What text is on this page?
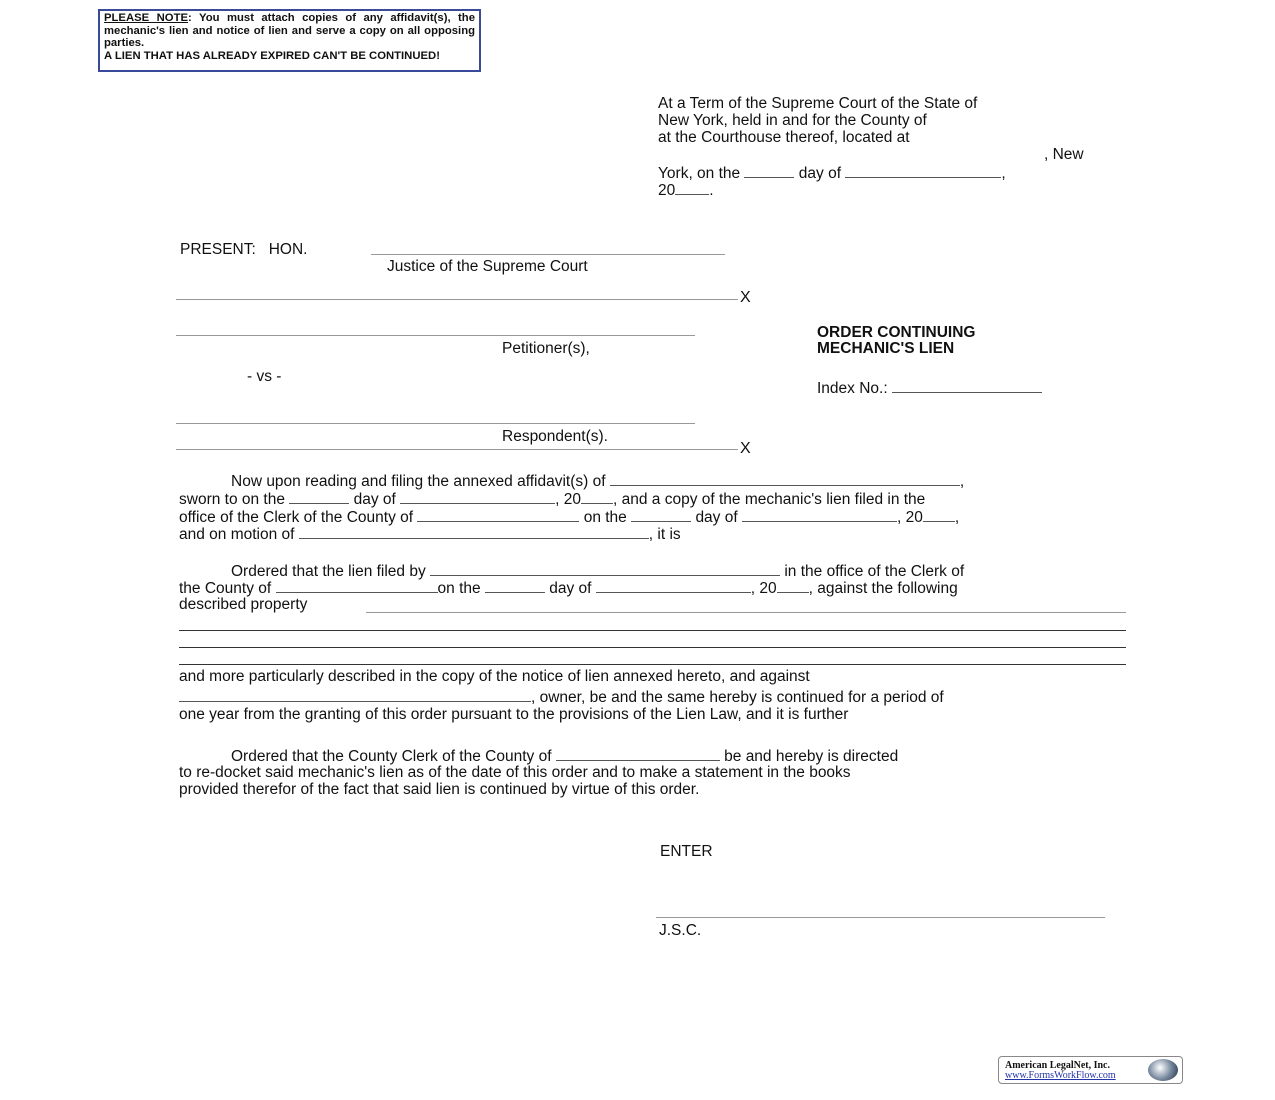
PLEASE NOTE: You must attach copies of any affidavit(s), the mechanic's lien and notice of lien and serve a copy on all opposing parties.
A LIEN THAT HAS ALREADY EXPIRED CAN'T BE CONTINUED!
At a Term of the Supreme Court of the State of
New York, held in and for the County of
at the Courthouse thereof, located at
, New
York, on the	day of	,
20 .
PRESENT: HON.
Justice of the Supreme Court
X
Petitioner(s),
- vs -
Respondent(s).
X
ORDER CONTINUING
MECHANIC'S LIEN
Index No.:
Now upon reading and filing the annexed affidavit(s) of	,
sworn to on the	day of	, 20 , and a copy of the mechanic's lien filed in the
office of the Clerk of the County of	on the	day of	, 20 ,
and on motion of	, it is
Ordered that the lien filed by	in the office of the Clerk of
the County of	on the	day of	, 20 , against the following
described property
and more particularly described in the copy of the notice of lien annexed hereto, and against
, owner, be and the same hereby is continued for a period of
one year from the granting of this order pursuant to the provisions of the Lien Law, and it is further
Ordered that the County Clerk of the County of	be and hereby is directed
to re-docket said mechanic's lien as of the date of this order and to make a statement in the books
provided therefor of the fact that said lien is continued by virtue of this order.
ENTER
J.S.C.
American LegalNet, Inc.
www.FormsWorkFlow.com
